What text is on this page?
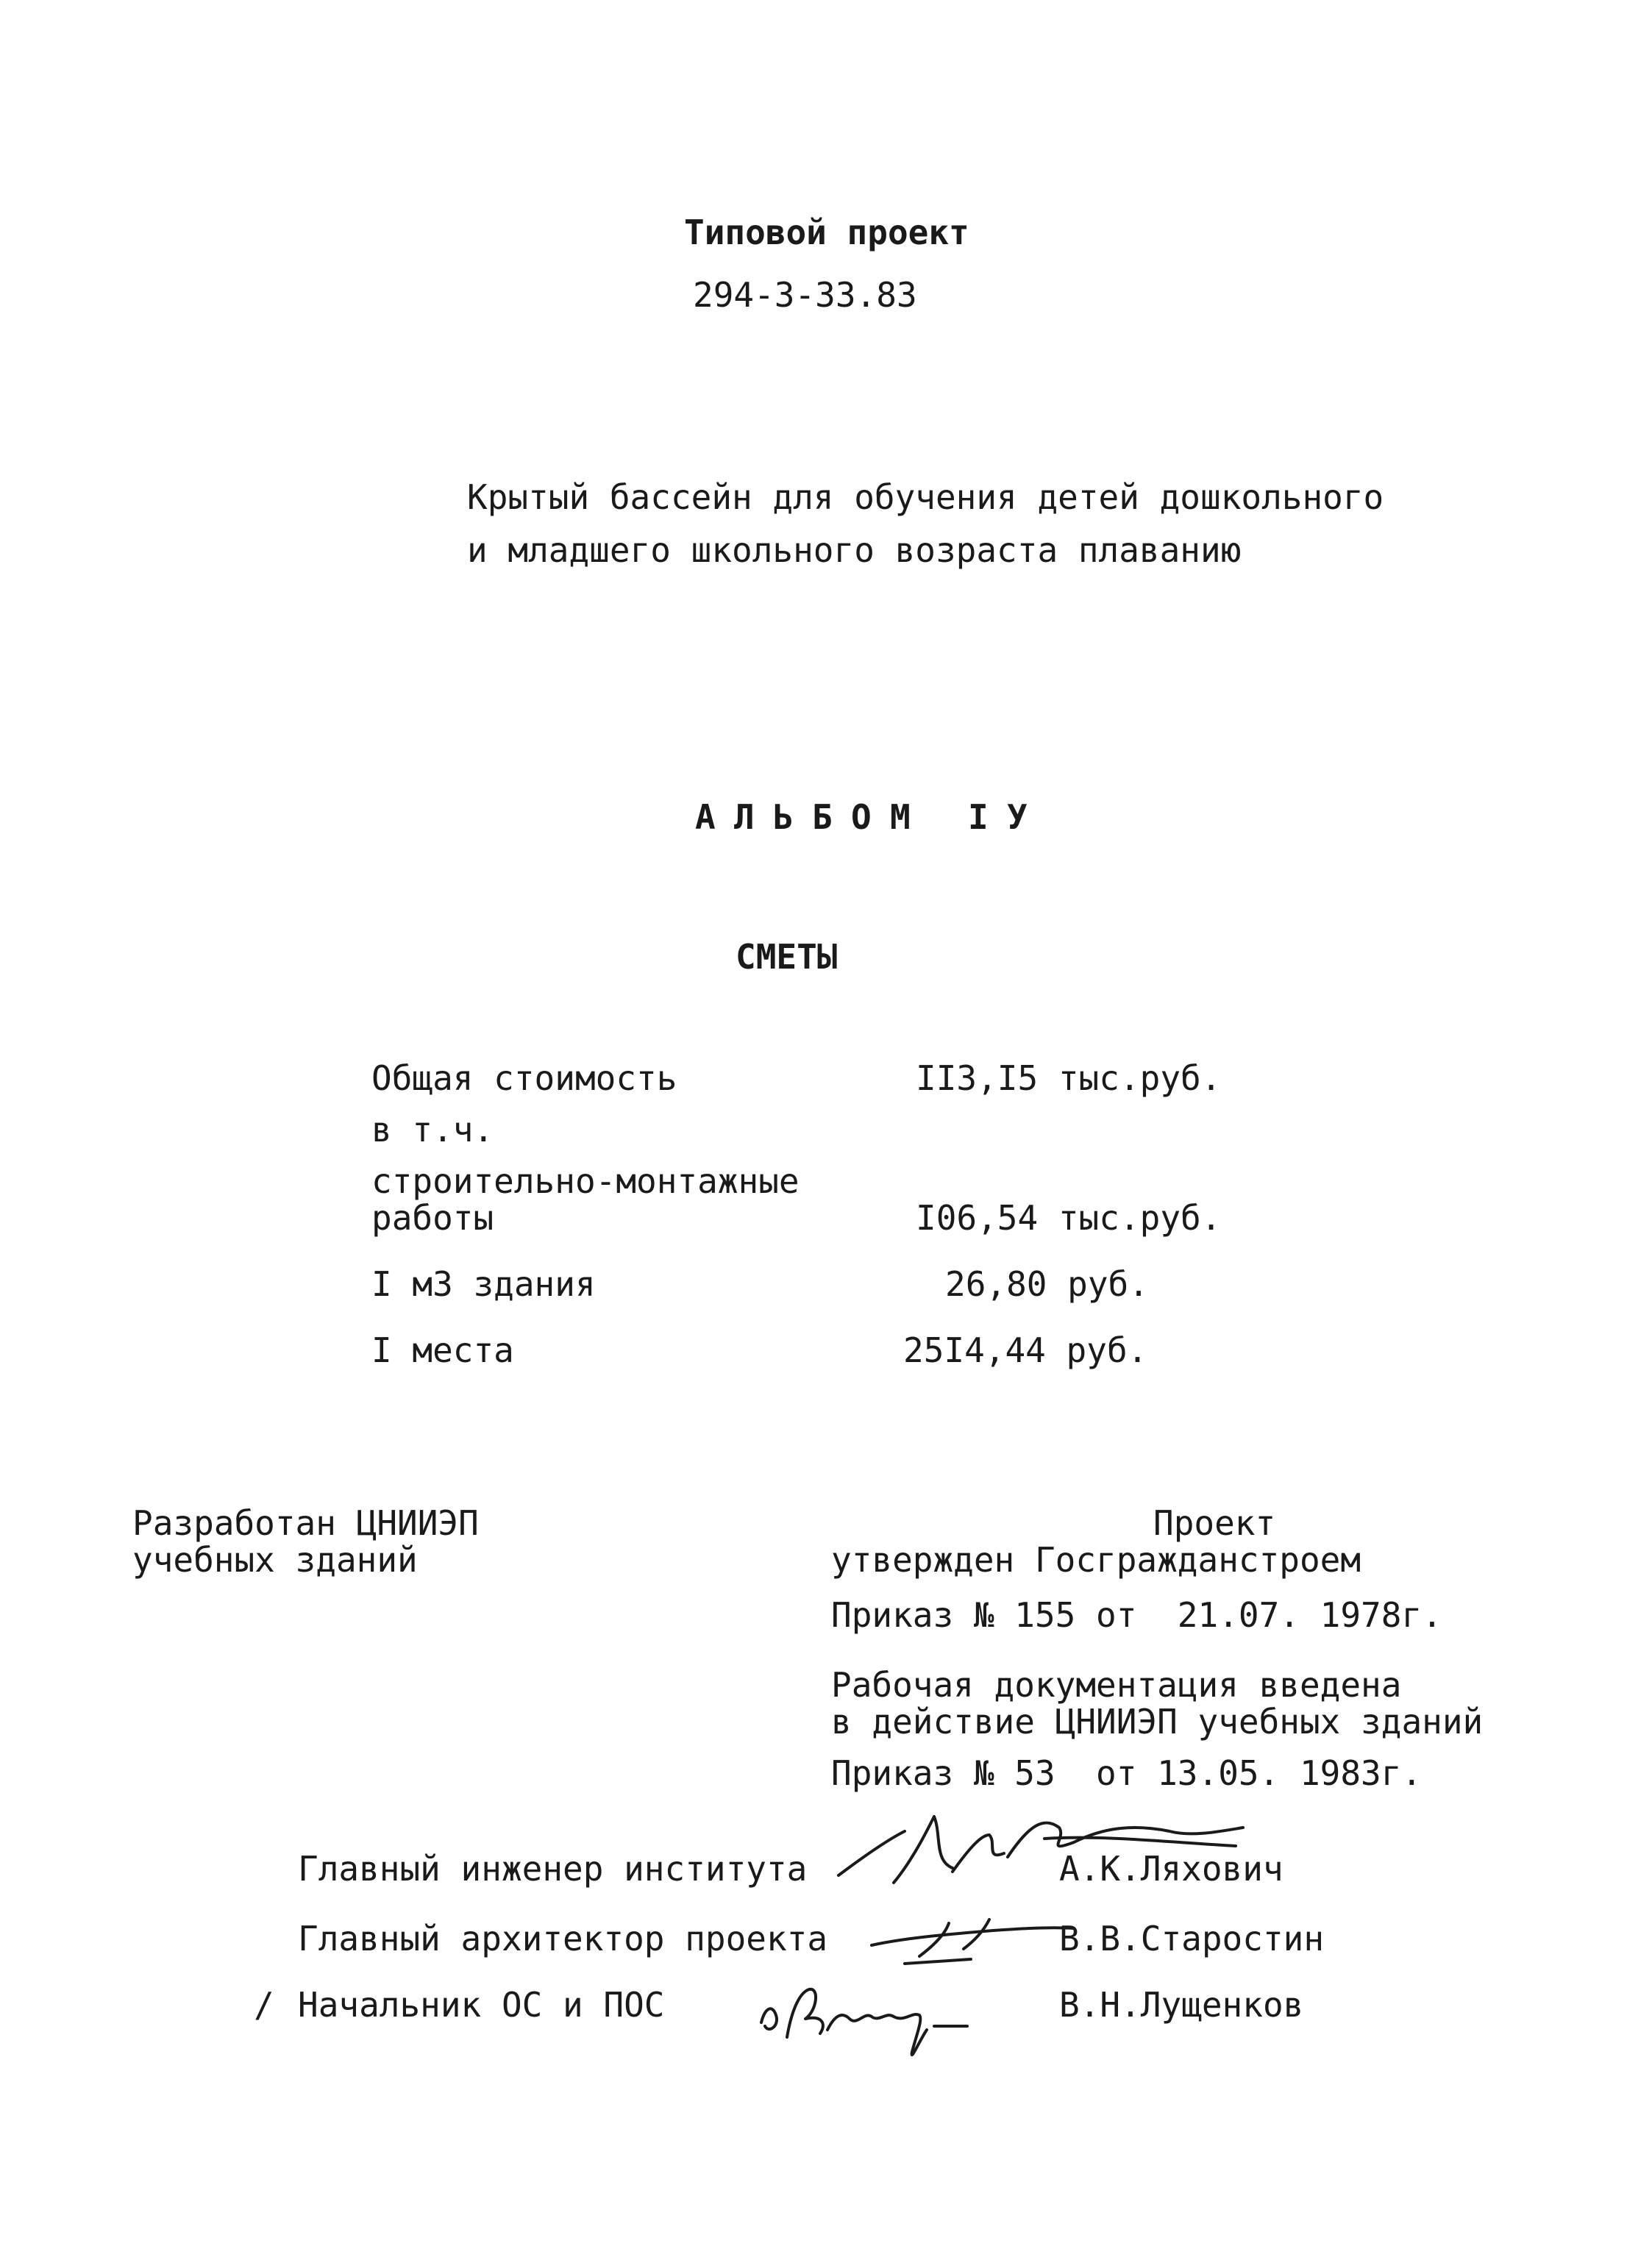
Типовой проект
294-3-33.83
Крытый бассейн для обучения детей дошкольного
и младшего школьного возраста плаванию
АЛЬБОМ IУ
СМЕТЫ
Общая стоимость	II3,I5 тыс.руб.
в т.ч.
строительно-монтажные
работы	I06,54 тыс.руб.
I м3 здания	26,80 руб.
I места	25I4,44 руб.
Разработан ЦНИИЭП
учебных зданий
Проект
утвержден Госгражданстроем
Приказ № 155 от  21.07. 1978г.
Рабочая документация введена
в действие ЦНИИЭП учебных зданий
Приказ № 53  от 13.05. 1983г.
Главный инженер института	А.К.Ляхович
Главный архитектор проекта	В.В.Старостин
/ Начальник ОС и ПОС	В.Н.Лущенков
